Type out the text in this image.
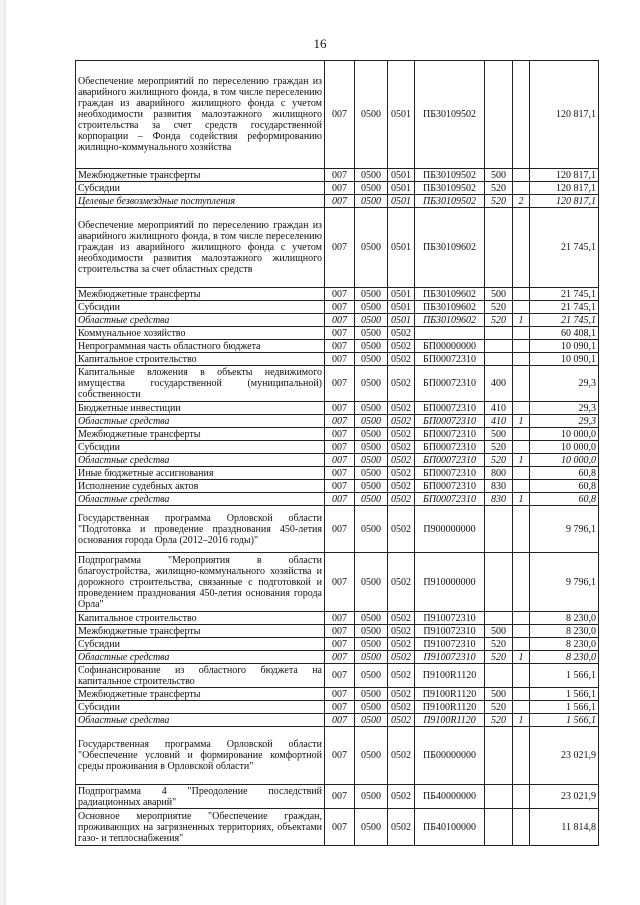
16
Обеспечение мероприятий по переселению граждан из аварийного жилищного фонда, в том числе переселению граждан из аварийного жилищного фонда с учетом необходимости развития малоэтажного жилищного строительства за счет средств государственной корпорации – Фонда содействия реформированию жилищно-коммунального хозяйства	007	0500	0501	ПБ30109502			120 817,1
Межбюджетные трансферты	007	0500	0501	ПБ30109502	500		120 817,1
Субсидии	007	0500	0501	ПБ30109502	520		120 817,1
Целевые безвозмездные поступления	007	0500	0501	ПБ30109502	520	2	120 817,1
Обеспечение мероприятий по переселению граждан из аварийного жилищного фонда, в том числе переселению граждан из аварийного жилищного фонда с учетом необходимости развития малоэтажного жилищного строительства за счет областных средств	007	0500	0501	ПБ30109602			21 745,1
Межбюджетные трансферты	007	0500	0501	ПБ30109602	500		21 745,1
Субсидии	007	0500	0501	ПБ30109602	520		21 745,1
Областные средства	007	0500	0501	ПБ30109602	520	1	21 745,1
Коммунальное хозяйство	007	0500	0502				60 408,1
Непрограммная часть областного бюджета	007	0500	0502	БП00000000			10 090,1
Капитальное строительство	007	0500	0502	БП00072310			10 090,1
Капитальные вложения в объекты недвижимого имущества государственной (муниципальной) собственности	007	0500	0502	БП00072310	400		29,3
Бюджетные инвестиции	007	0500	0502	БП00072310	410		29,3
Областные средства	007	0500	0502	БП00072310	410	1	29,3
Межбюджетные трансферты	007	0500	0502	БП00072310	500		10 000,0
Субсидии	007	0500	0502	БП00072310	520		10 000,0
Областные средства	007	0500	0502	БП00072310	520	1	10 000,0
Иные бюджетные ассигнования	007	0500	0502	БП00072310	800		60,8
Исполнение судебных актов	007	0500	0502	БП00072310	830		60,8
Областные средства	007	0500	0502	БП00072310	830	1	60,8
Государственная программа Орловской области "Подготовка и проведение празднования 450-летия основания города Орла (2012–2016 годы)"	007	0500	0502	П900000000			9 796,1
Подпрограмма "Мероприятия в области благоустройства, жилищно-коммунального хозяйства и дорожного строительства, связанные с подготовкой и проведением празднования 450-летия основания города Орла"	007	0500	0502	П910000000			9 796,1
Капитальное строительство	007	0500	0502	П910072310			8 230,0
Межбюджетные трансферты	007	0500	0502	П910072310	500		8 230,0
Субсидии	007	0500	0502	П910072310	520		8 230,0
Областные средства	007	0500	0502	П910072310	520	1	8 230,0
Софинансирование из областного бюджета на капитальное строительство	007	0500	0502	П9100R1120			1 566,1
Межбюджетные трансферты	007	0500	0502	П9100R1120	500		1 566,1
Субсидии	007	0500	0502	П9100R1120	520		1 566,1
Областные средства	007	0500	0502	П9100R1120	520	1	1 566,1
Государственная программа Орловской области "Обеспечение условий и формирование комфортной среды проживания в Орловской области"	007	0500	0502	ПБ00000000			23 021,9
Подпрограмма 4 "Преодоление последствий радиационных аварий"	007	0500	0502	ПБ40000000			23 021,9
Основное мероприятие "Обеспечение граждан, проживающих на загрязненных территориях, объектами газо- и теплоснабжения"	007	0500	0502	ПБ40100000			11 814,8
